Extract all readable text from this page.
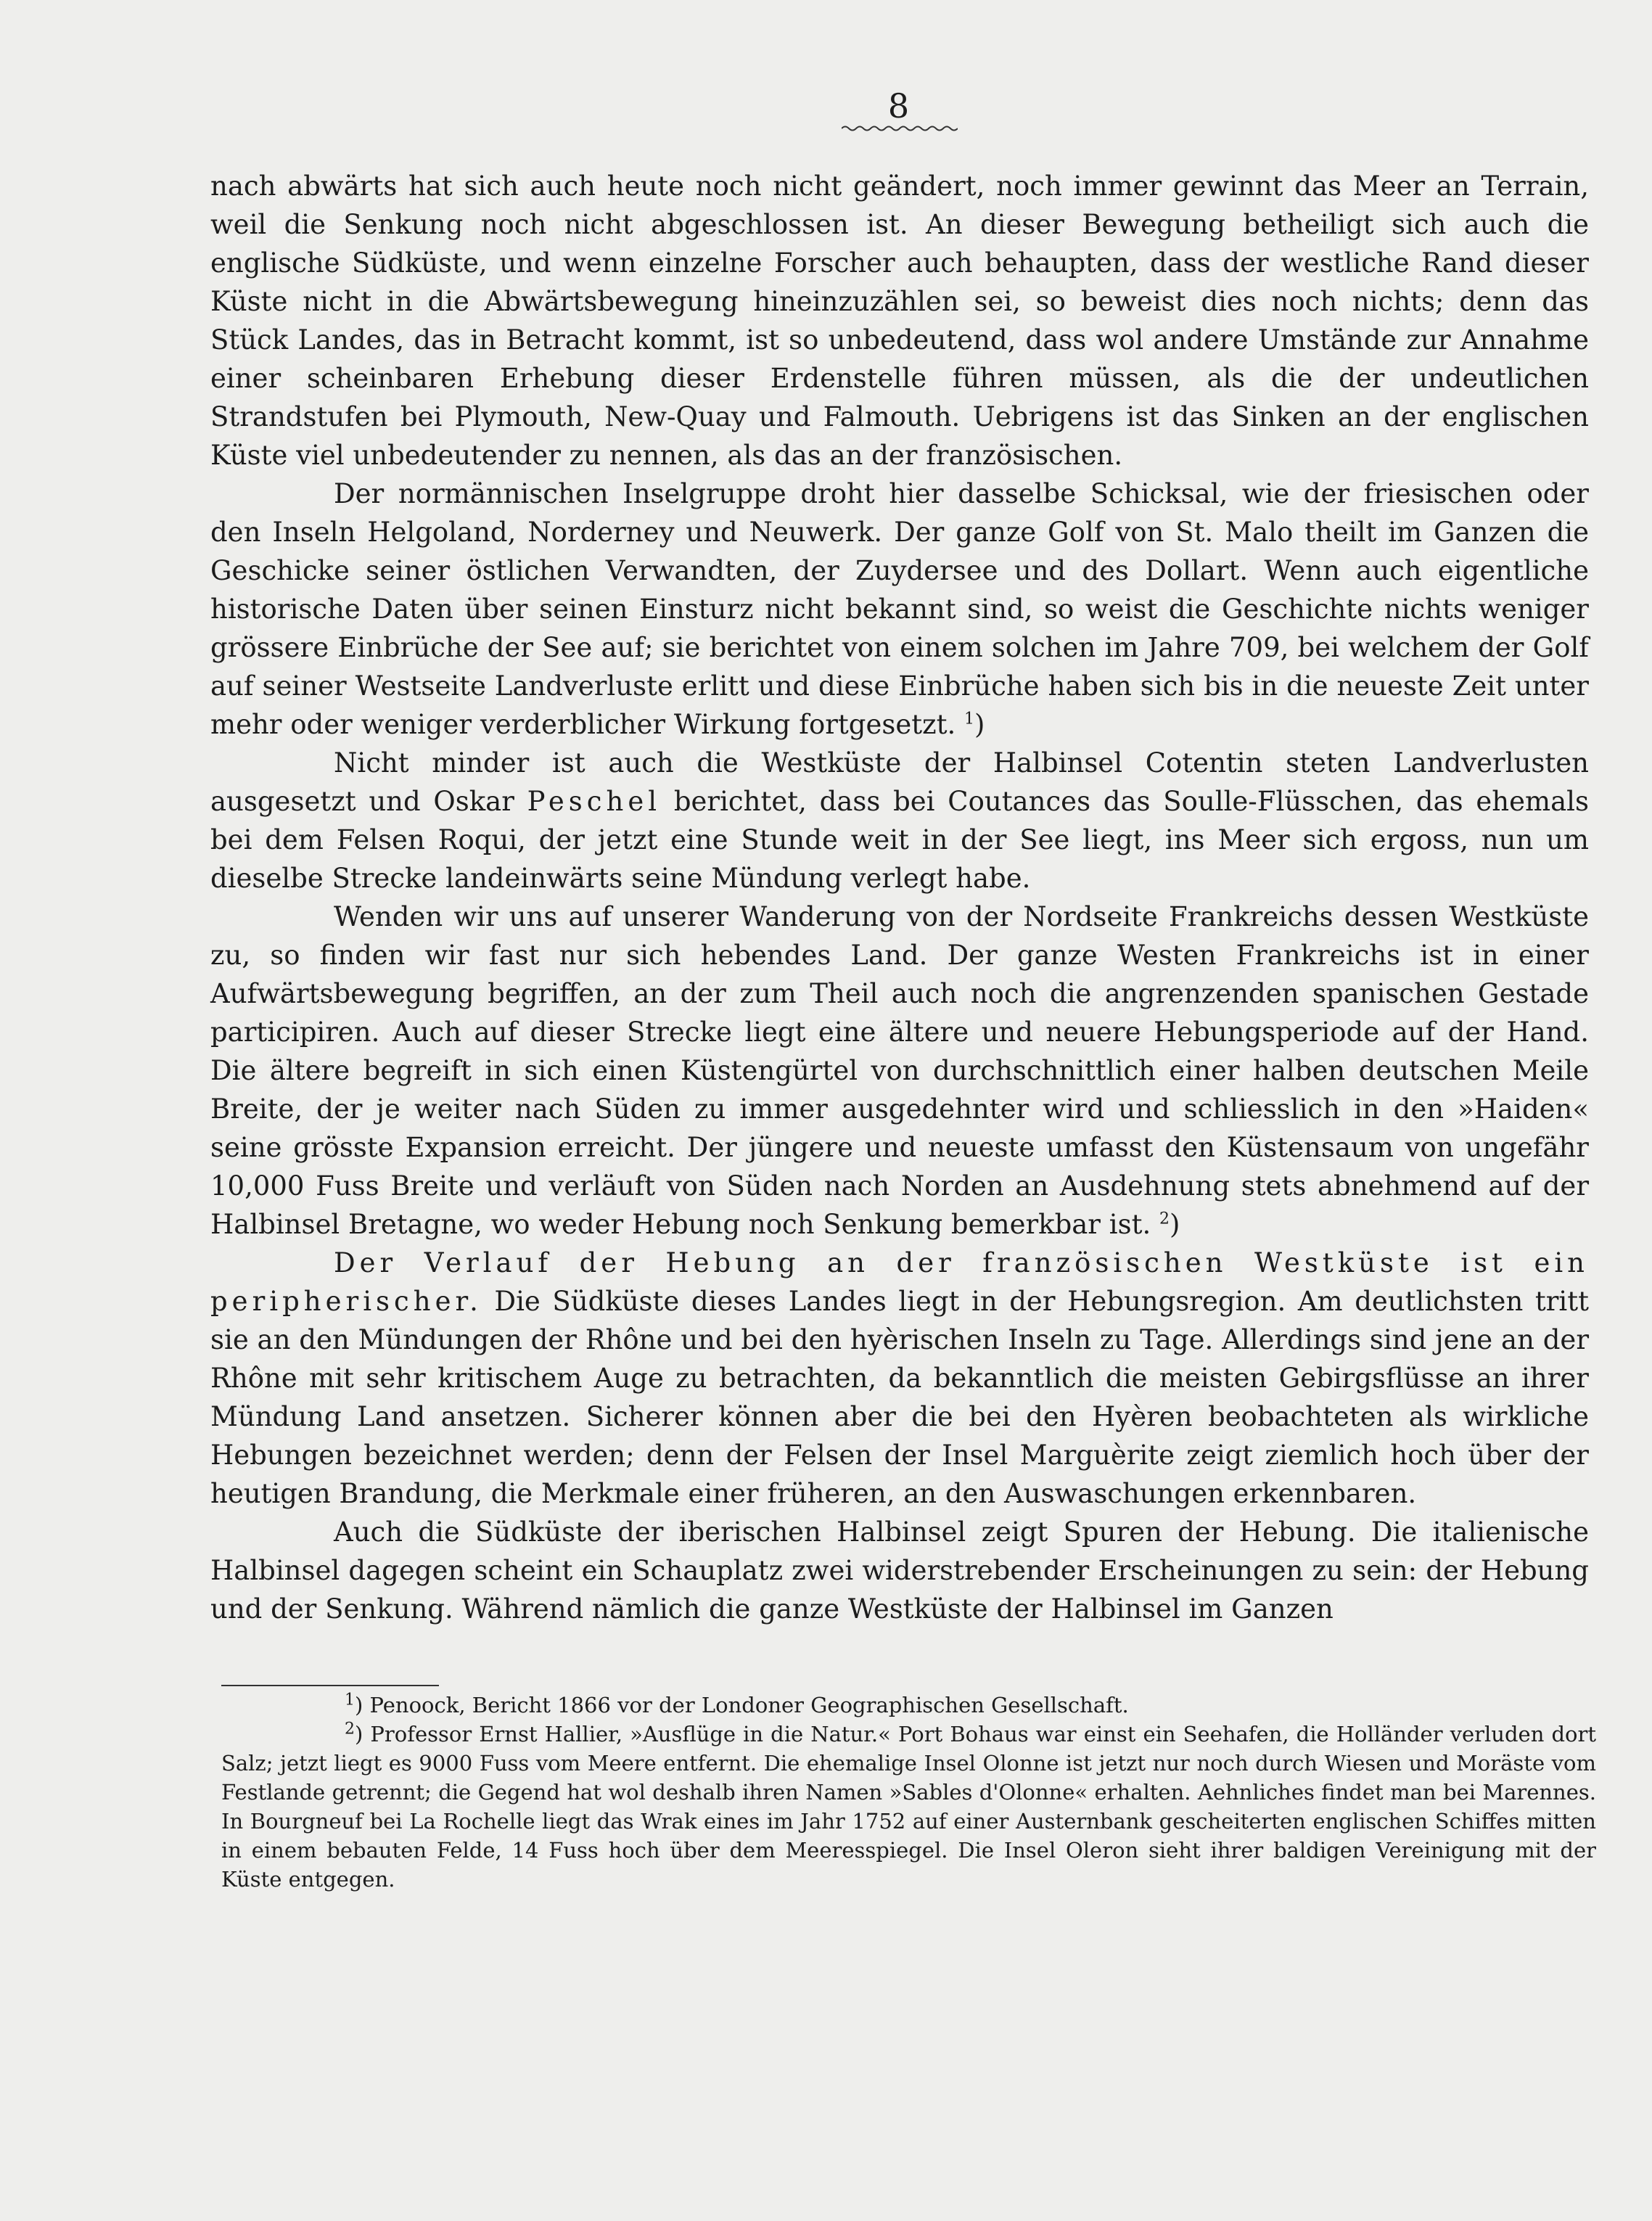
8

nach abwärts hat sich auch heute noch nicht geändert, noch immer gewinnt das Meer an Terrain, weil die Senkung noch nicht abgeschlossen ist. An dieser Bewegung betheiligt sich auch die englische Südküste, und wenn einzelne Forscher auch behaupten, dass der westliche Rand dieser Küste nicht in die Abwärtsbewegung hineinzuzählen sei, so beweist dies noch nichts; denn das Stück Landes, das in Betracht kommt, ist so unbedeutend, dass wol andere Umstände zur Annahme einer scheinbaren Erhebung dieser Erdenstelle führen müssen, als die der undeutlichen Strandstufen bei Plymouth, New-Quay und Falmouth. Uebrigens ist das Sinken an der englischen Küste viel unbedeutender zu nennen, als das an der französischen.

Der normännischen Inselgruppe droht hier dasselbe Schicksal, wie der friesischen oder den Inseln Helgoland, Norderney und Neuwerk. Der ganze Golf von St. Malo theilt im Ganzen die Geschicke seiner östlichen Verwandten, der Zuydersee und des Dollart. Wenn auch eigentliche historische Daten über seinen Einsturz nicht bekannt sind, so weist die Geschichte nichts weniger grössere Einbrüche der See auf; sie berichtet von einem solchen im Jahre 709, bei welchem der Golf auf seiner Westseite Landverluste erlitt und diese Einbrüche haben sich bis in die neueste Zeit unter mehr oder weniger verderblicher Wirkung fortgesetzt. $^1$)

Nicht minder ist auch die Westküste der Halbinsel Cotentin steten Landverlusten ausgesetzt und Oskar Peschel berichtet, dass bei Coutances das Soulle-Flüsschen, das ehemals bei dem Felsen Roqui, der jetzt eine Stunde weit in der See liegt, ins Meer sich ergoss, nun um dieselbe Strecke landeinwärts seine Mündung verlegt habe.

Wenden wir uns auf unserer Wanderung von der Nordseite Frankreichs dessen Westküste zu, so finden wir fast nur sich hebendes Land. Der ganze Westen Frankreichs ist in einer Aufwärtsbewegung begriffen, an der zum Theil auch noch die angrenzenden spanischen Gestade participiren. Auch auf dieser Strecke liegt eine ältere und neuere Hebungsperiode auf der Hand. Die ältere begreift in sich einen Küstengürtel von durchschnittlich einer halben deutschen Meile Breite, der je weiter nach Süden zu immer ausgedehnter wird und schliesslich in den »Haiden« seine grösste Expansion erreicht. Der jüngere und neueste umfasst den Küstensaum von ungefähr 10,000 Fuss Breite und verläuft von Süden nach Norden an Ausdehnung stets abnehmend auf der Halbinsel Bretagne, wo weder Hebung noch Senkung bemerkbar ist. $^2$)

Der Verlauf der Hebung an der französischen Westküste ist ein peripherischer. Die Südküste dieses Landes liegt in der Hebungsregion. Am deutlichsten tritt sie an den Mündungen der Rhône und bei den hyèrischen Inseln zu Tage. Allerdings sind jene an der Rhône mit sehr kritischem Auge zu betrachten, da bekanntlich die meisten Gebirgsflüsse an ihrer Mündung Land ansetzen. Sicherer können aber die bei den Hyèren beobachteten als wirkliche Hebungen bezeichnet werden; denn der Felsen der Insel Marguèrite zeigt ziemlich hoch über der heutigen Brandung, die Merkmale einer früheren, an den Auswaschungen erkennbaren.

Auch die Südküste der iberischen Halbinsel zeigt Spuren der Hebung. Die italienische Halbinsel dagegen scheint ein Schauplatz zwei widerstrebender Erscheinungen zu sein: der Hebung und der Senkung. Während nämlich die ganze Westküste der Halbinsel im Ganzen

$^1$) Penoock, Bericht 1866 vor der Londoner Geographischen Gesellschaft.

$^2$) Professor Ernst Hallier, »Ausflüge in die Natur.« Port Bohaus war einst ein Seehafen, die Holländer verluden dort Salz; jetzt liegt es 9000 Fuss vom Meere entfernt. Die ehemalige Insel Olonne ist jetzt nur noch durch Wiesen und Moräste vom Festlande getrennt; die Gegend hat wol deshalb ihren Namen »Sables d'Olonne« erhalten. Aehnliches findet man bei Marennes. In Bourgneuf bei La Rochelle liegt das Wrak eines im Jahr 1752 auf einer Austernbank gescheiterten englischen Schiffes mitten in einem bebauten Felde, 14 Fuss hoch über dem Meeresspiegel. Die Insel Oleron sieht ihrer baldigen Vereinigung mit der Küste entgegen.
